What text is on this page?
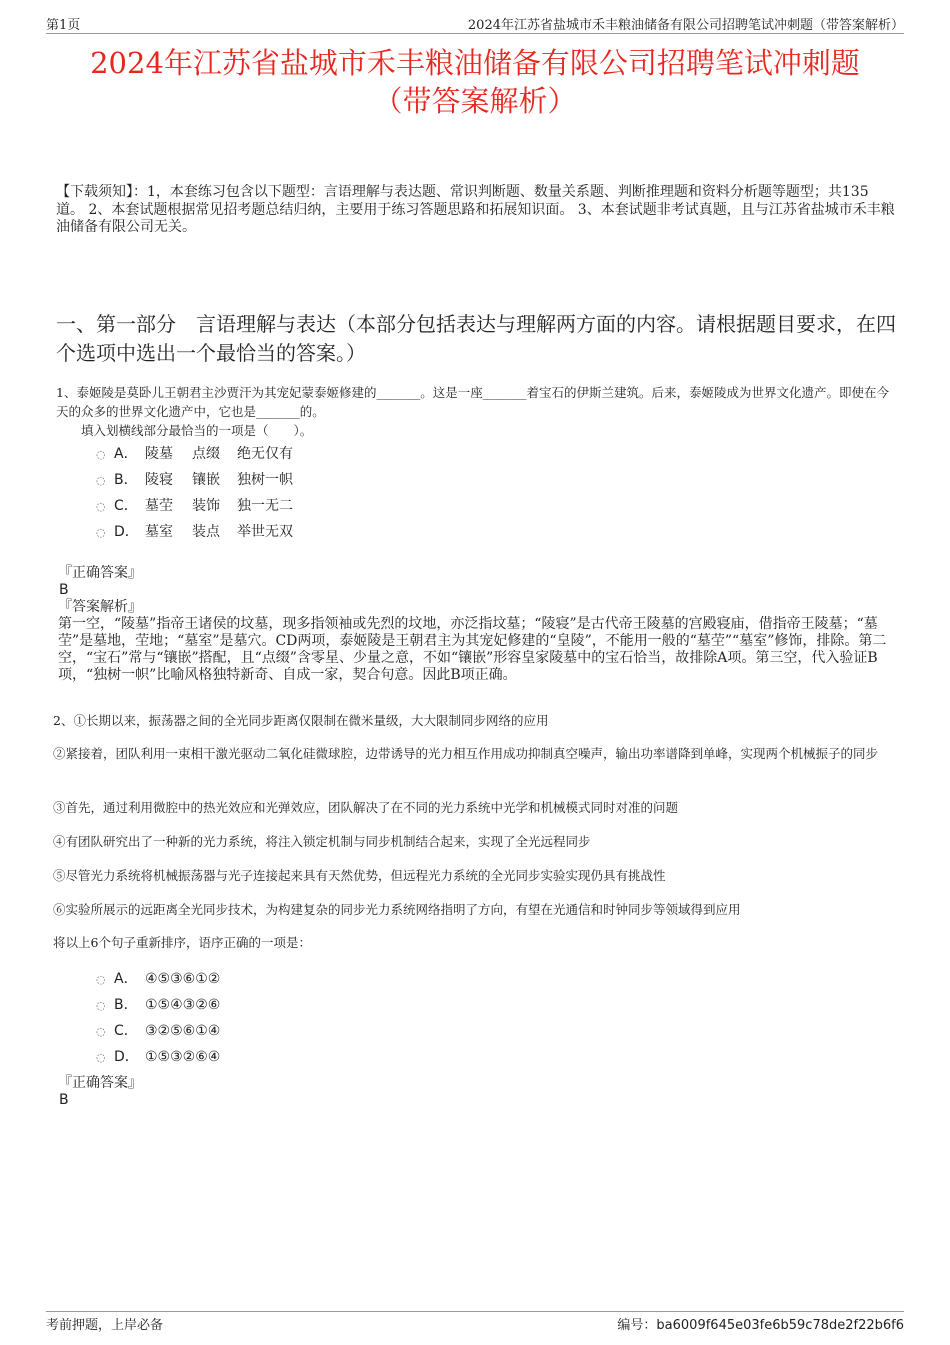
第1页	2024年江苏省盐城市禾丰粮油储备有限公司招聘笔试冲刺题（带答案解析）
2024年江苏省盐城市禾丰粮油储备有限公司招聘笔试冲刺题
（带答案解析）
【下载须知】：1，本套练习包含以下题型：言语理解与表达题、常识判断题、数量关系题、判断推理题和资料分析题等题型；共135道。 2、本套试题根据常见招考题总结归纳，主要用于练习答题思路和拓展知识面。 3、本套试题非考试真题，且与江苏省盐城市禾丰粮油储备有限公司无关。
一、第一部分　言语理解与表达（本部分包括表达与理解两方面的内容。请根据题目要求，在四个选项中选出一个最恰当的答案。）
1、泰姬陵是莫卧儿王朝君主沙贾汗为其宠妃蒙泰姬修建的_______。这是一座_______着宝石的伊斯兰建筑。后来，泰姬陵成为世界文化遗产。即使在今天的众多的世界文化遗产中，它也是_______的。
填入划横线部分最恰当的一项是（　　）。
◌ A． 陵墓	点缀	绝无仅有
◌ B． 陵寝	镶嵌	独树一帜
◌ C． 墓茔	装饰	独一无二
◌ D． 墓室	装点	举世无双
『正确答案』
B
『答案解析』
第一空，“陵墓”指帝王诸侯的坟墓，现多指领袖或先烈的坟地，亦泛指坟墓；“陵寝”是古代帝王陵墓的宫殿寝庙，借指帝王陵墓；“墓茔”是墓地，茔地；“墓室”是墓穴。CD两项，泰姬陵是王朝君主为其宠妃修建的“皇陵”，不能用一般的“墓茔”“墓室”修饰，排除。第二空，“宝石”常与“镶嵌”搭配，且“点缀”含零星、少量之意，不如“镶嵌”形容皇家陵墓中的宝石恰当，故排除A项。第三空，代入验证B项，“独树一帜”比喻风格独特新奇、自成一家，契合句意。因此B项正确。
2、①长期以来，振荡器之间的全光同步距离仅限制在微米量级，大大限制同步网络的应用
②紧接着，团队利用一束相干激光驱动二氧化硅微球腔，边带诱导的光力相互作用成功抑制真空噪声，输出功率谱降到单峰，实现两个机械振子的同步
③首先，通过利用微腔中的热光效应和光弹效应，团队解决了在不同的光力系统中光学和机械模式同时对准的问题
④有团队研究出了一种新的光力系统，将注入锁定机制与同步机制结合起来，实现了全光远程同步
⑤尽管光力系统将机械振荡器与光子连接起来具有天然优势，但远程光力系统的全光同步实验实现仍具有挑战性
⑥实验所展示的远距离全光同步技术，为构建复杂的同步光力系统网络指明了方向，有望在光通信和时钟同步等领域得到应用
将以上6个句子重新排序，语序正确的一项是：
◌ A． ④⑤③⑥①②
◌ B． ①⑤④③②⑥
◌ C． ③②⑤⑥①④
◌ D． ①⑤③②⑥④
『正确答案』
B
考前押题，上岸必备	编号：ba6009f645e03fe6b59c78de2f22b6f6
